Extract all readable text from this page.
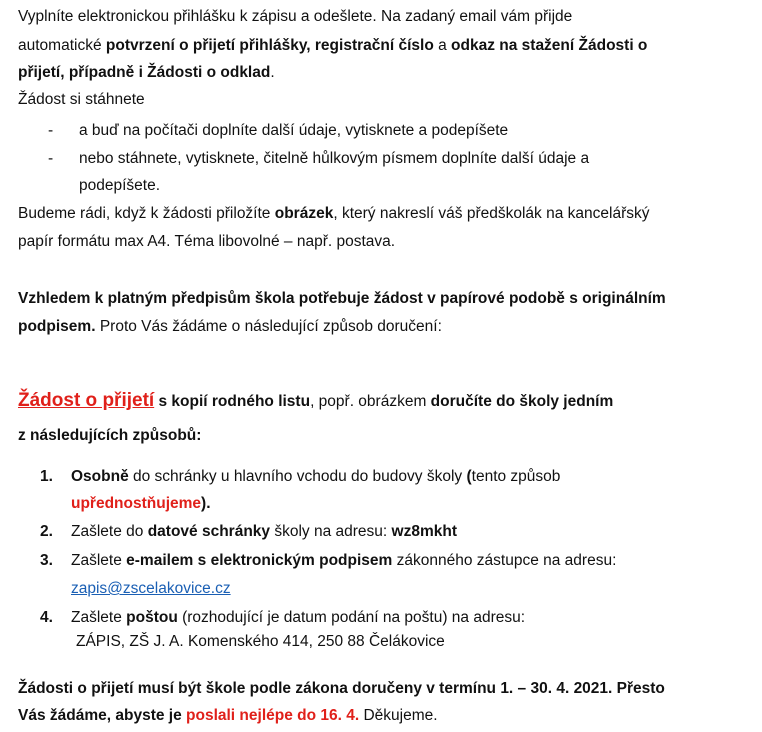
Vyplníte elektronickou přihlášku k zápisu a odešlete. Na zadaný email vám přijde
automatické potvrzení o přijetí přihlášky, registrační číslo a odkaz na stažení Žádosti o
přijetí, případně i Žádosti o odklad.
Žádost si stáhnete
- a buď na počítači doplníte další údaje, vytisknete a podepíšete
- nebo stáhnete, vytisknete, čitelně hůlkovým písmem doplníte další údaje a
podepíšete.
Budeme rádi, když k žádosti přiložíte obrázek, který nakreslí váš předškolák na kancelářský
papír formátu max A4. Téma libovolné – např. postava.
Vzhledem k platným předpisům škola potřebuje žádost v papírové podobě s originálním
podpisem. Proto Vás žádáme o následující způsob doručení:
Žádost o přijetí s kopií rodného listu, popř. obrázkem doručíte do školy jedním
z následujících způsobů:
1. Osobně do schránky u hlavního vchodu do budovy školy (tento způsob
upřednostňujeme).
2. Zašlete do datové schránky školy na adresu: wz8mkht
3. Zašlete e-mailem s elektronickým podpisem zákonného zástupce na adresu:
zapis@zscelakovice.cz
4. Zašlete poštou (rozhodující je datum podání na poštu) na adresu:
ZÁPIS, ZŠ J. A. Komenského 414, 250 88 Čelákovice
Žádosti o přijetí musí být škole podle zákona doručeny v termínu 1. – 30. 4. 2021. Přesto
Vás žádáme, abyste je poslali nejlépe do 16. 4. Děkujeme.
